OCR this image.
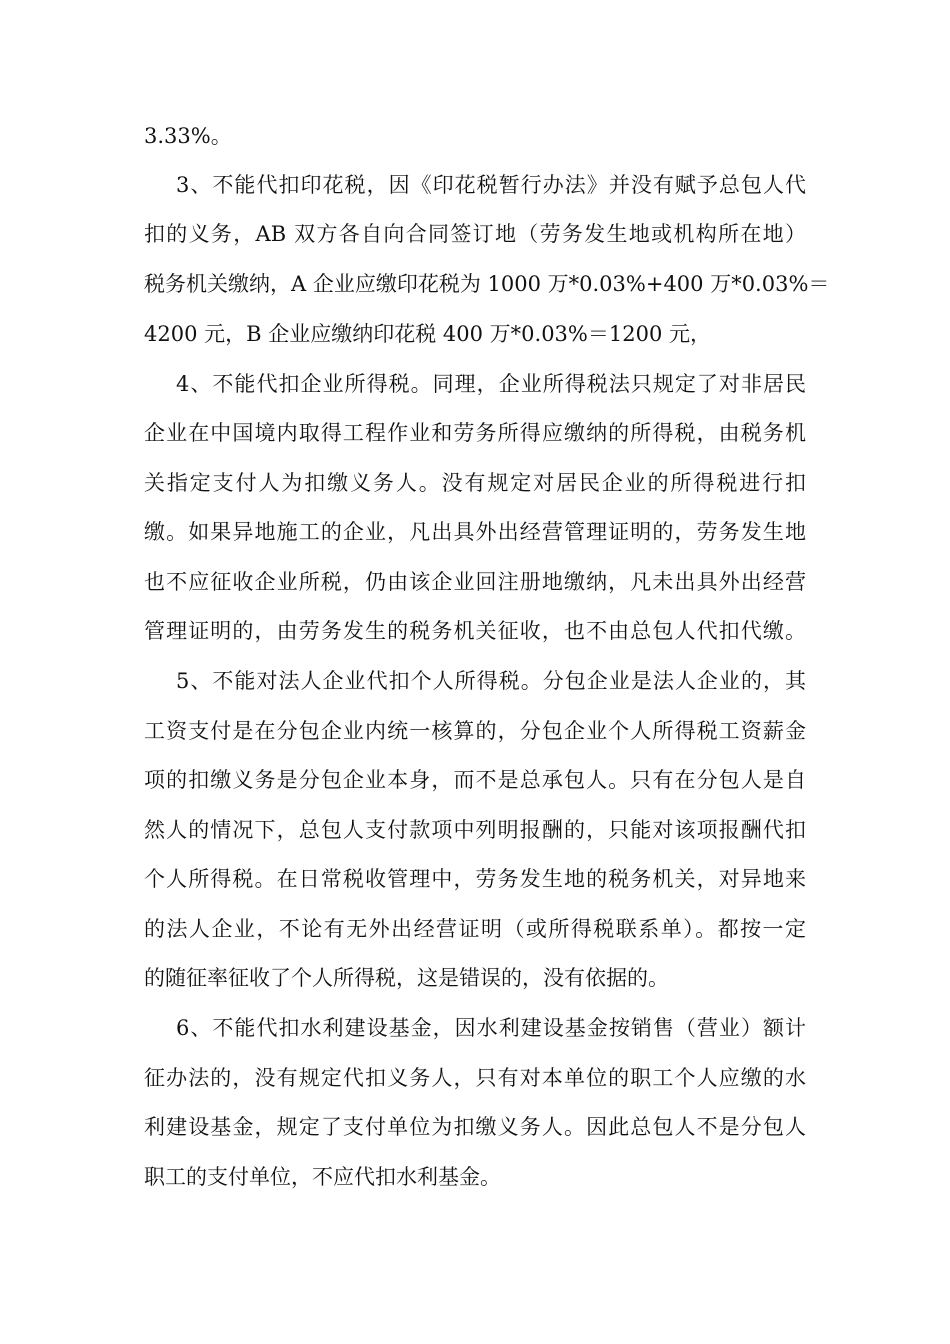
3.33%。
3、不能代扣印花税，因《印花税暂行办法》并没有赋予总包人代
扣的义务，AB 双方各自向合同签订地（劳务发生地或机构所在地）
税务机关缴纳，A 企业应缴印花税为 1000 万*0.03%+400 万*0.03%＝
4200 元，B 企业应缴纳印花税 400 万*0.03%＝1200 元，
4、不能代扣企业所得税。同理，企业所得税法只规定了对非居民
企业在中国境内取得工程作业和劳务所得应缴纳的所得税，由税务机
关指定支付人为扣缴义务人。没有规定对居民企业的所得税进行扣
缴。如果异地施工的企业，凡出具外出经营管理证明的，劳务发生地
也不应征收企业所税，仍由该企业回注册地缴纳，凡未出具外出经营
管理证明的，由劳务发生的税务机关征收，也不由总包人代扣代缴。
5、不能对法人企业代扣个人所得税。分包企业是法人企业的，其
工资支付是在分包企业内统一核算的，分包企业个人所得税工资薪金
项的扣缴义务是分包企业本身，而不是总承包人。只有在分包人是自
然人的情况下，总包人支付款项中列明报酬的，只能对该项报酬代扣
个人所得税。在日常税收管理中，劳务发生地的税务机关，对异地来
的法人企业，不论有无外出经营证明（或所得税联系单）。都按一定
的随征率征收了个人所得税，这是错误的，没有依据的。
6、不能代扣水利建设基金，因水利建设基金按销售（营业）额计
征办法的，没有规定代扣义务人，只有对本单位的职工个人应缴的水
利建设基金，规定了支付单位为扣缴义务人。因此总包人不是分包人
职工的支付单位，不应代扣水利基金。
